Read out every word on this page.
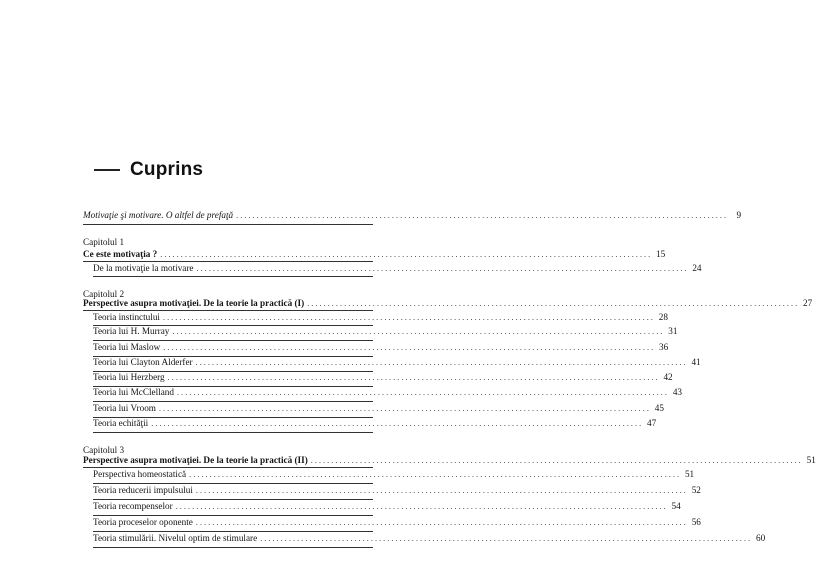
Cuprins
Motivaţie şi motivare. O altfel de prefaţă ........................................................................................................................ 9
Capitolul 1
Ce este motivaţia ? ........................................................................................................................ 15
De la motivaţie la motivare ........................................................................................................................ 24
Capitolul 2
Perspective asupra motivaţiei. De la teorie la practică (I) ........................................................................................................................ 27
Teoria instinctului ........................................................................................................................ 28
Teoria lui H. Murray ........................................................................................................................ 31
Teoria lui Maslow ........................................................................................................................ 36
Teoria lui Clayton Alderfer ........................................................................................................................ 41
Teoria lui Herzberg ........................................................................................................................ 42
Teoria lui McClelland ........................................................................................................................ 43
Teoria lui Vroom ........................................................................................................................ 45
Teoria echităţii ........................................................................................................................ 47
Capitolul 3
Perspective asupra motivaţiei. De la teorie la practică (II) ........................................................................................................................ 51
Perspectiva homeostatică ........................................................................................................................ 51
Teoria reducerii impulsului ........................................................................................................................ 52
Teoria recompenselor ........................................................................................................................ 54
Teoria proceselor oponente ........................................................................................................................ 56
Teoria stimulării. Nivelul optim de stimulare ........................................................................................................................ 60
